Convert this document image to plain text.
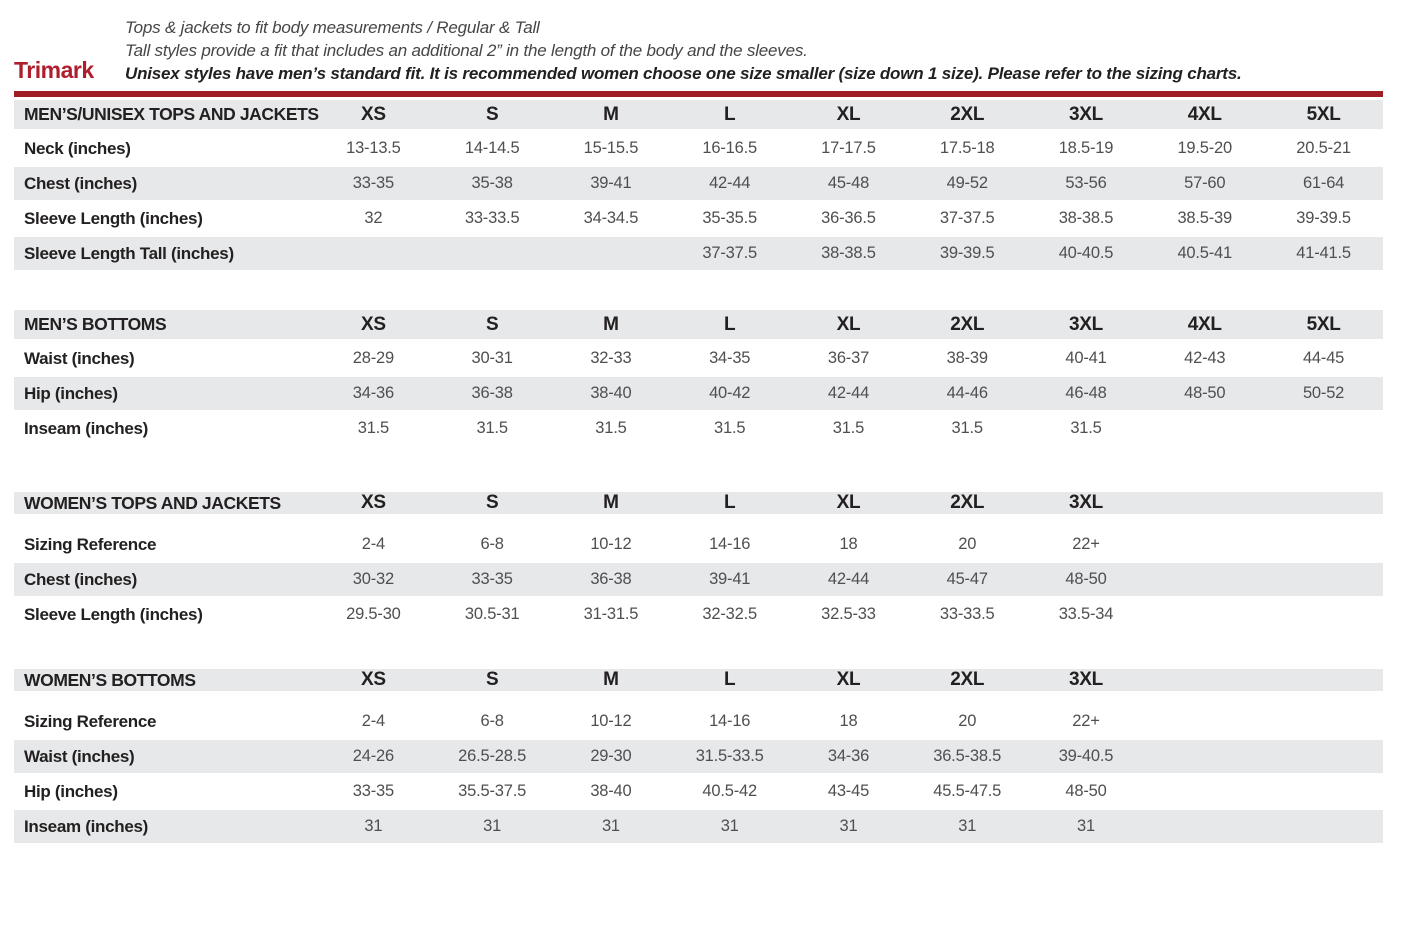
Trimark
Tops & jackets to fit body measurements / Regular & Tall
Tall styles provide a fit that includes an additional 2” in the length of the body and the sleeves.
Unisex styles have men’s standard fit. It is recommended women choose one size smaller (size down 1 size). Please refer to the sizing charts.
MEN’S/UNISEX TOPS AND JACKETS	XS	S	M	L	XL	2XL	3XL	4XL	5XL
Neck (inches)	13-13.5	14-14.5	15-15.5	16-16.5	17-17.5	17.5-18	18.5-19	19.5-20	20.5-21
Chest (inches)	33-35	35-38	39-41	42-44	45-48	49-52	53-56	57-60	61-64
Sleeve Length (inches)	32	33-33.5	34-34.5	35-35.5	36-36.5	37-37.5	38-38.5	38.5-39	39-39.5
Sleeve Length Tall (inches)				37-37.5	38-38.5	39-39.5	40-40.5	40.5-41	41-41.5
MEN’S BOTTOMS	XS	S	M	L	XL	2XL	3XL	4XL	5XL
Waist (inches)	28-29	30-31	32-33	34-35	36-37	38-39	40-41	42-43	44-45
Hip (inches)	34-36	36-38	38-40	40-42	42-44	44-46	46-48	48-50	50-52
Inseam (inches)	31.5	31.5	31.5	31.5	31.5	31.5	31.5		
WOMEN’S TOPS AND JACKETS	XS	S	M	L	XL	2XL	3XL		
Sizing Reference	2-4	6-8	10-12	14-16	18	20	22+		
Chest (inches)	30-32	33-35	36-38	39-41	42-44	45-47	48-50		
Sleeve Length (inches)	29.5-30	30.5-31	31-31.5	32-32.5	32.5-33	33-33.5	33.5-34		
WOMEN’S BOTTOMS	XS	S	M	L	XL	2XL	3XL		
Sizing Reference	2-4	6-8	10-12	14-16	18	20	22+		
Waist (inches)	24-26	26.5-28.5	29-30	31.5-33.5	34-36	36.5-38.5	39-40.5		
Hip (inches)	33-35	35.5-37.5	38-40	40.5-42	43-45	45.5-47.5	48-50		
Inseam (inches)	31	31	31	31	31	31	31		
